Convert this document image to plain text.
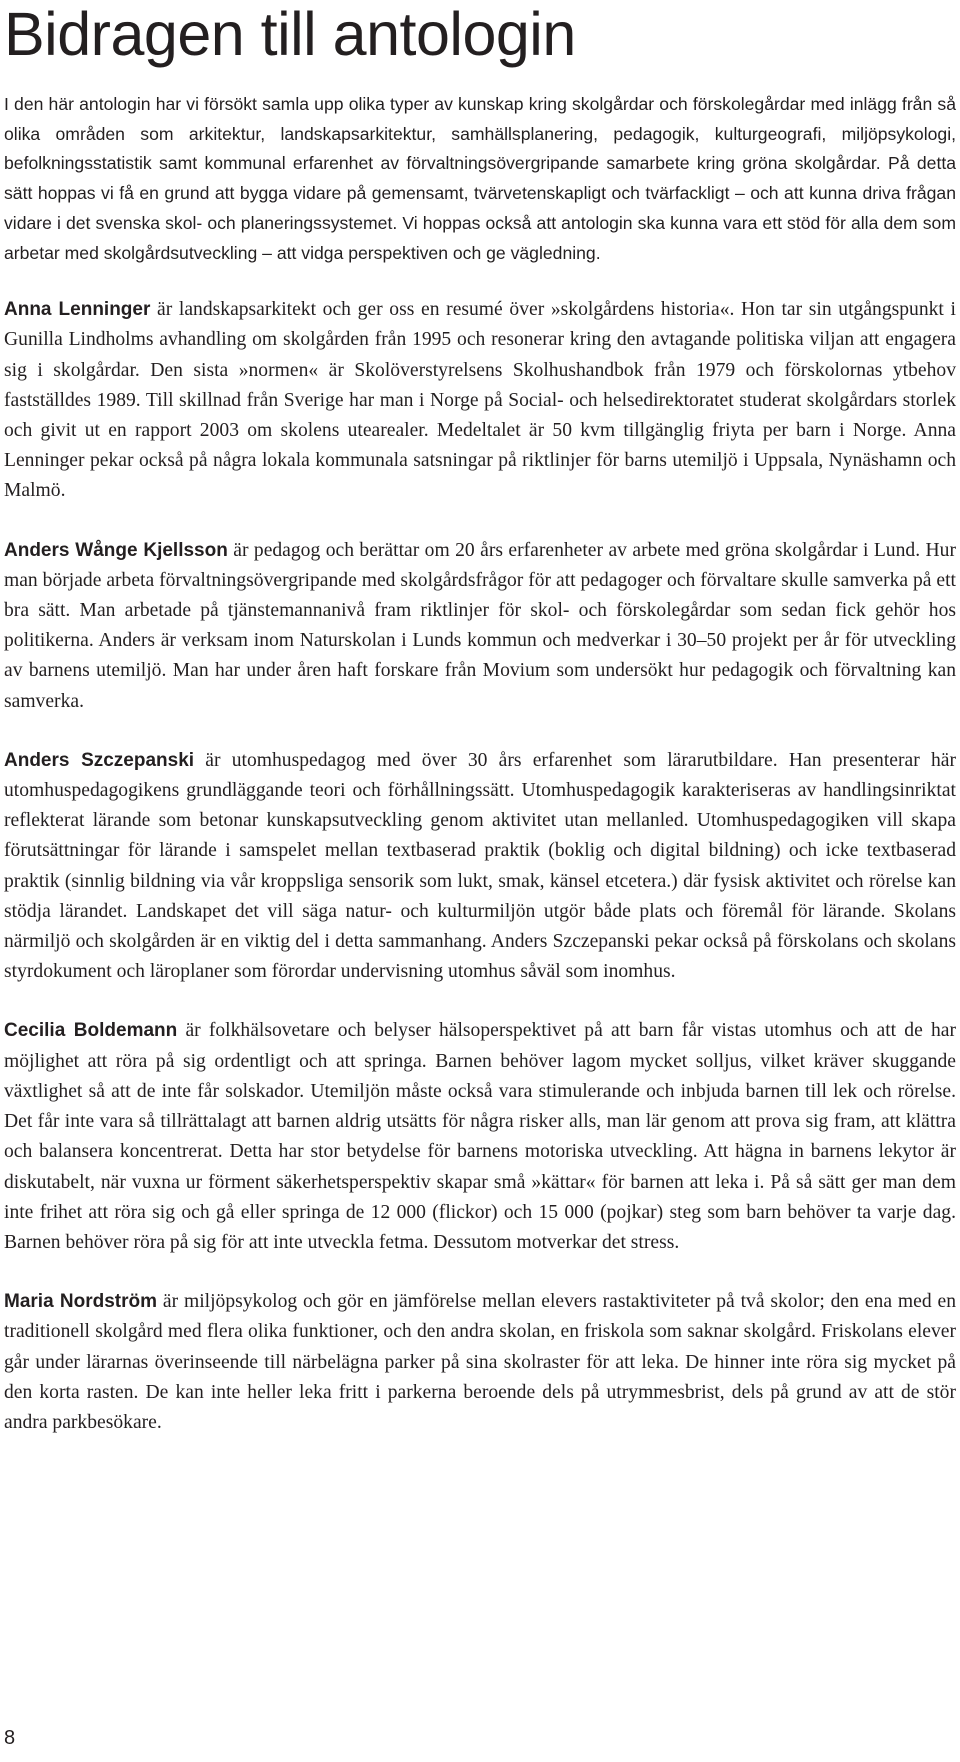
Bidragen till antologin

I den här antologin har vi försökt samla upp olika typer av kunskap kring skolgårdar och förskolegårdar med inlägg från så olika områden som arkitektur, landskapsarkitektur, samhällsplanering, pedagogik, kulturgeografi, miljöpsykologi, befolkningsstatistik samt kommunal erfarenhet av förvaltningsövergripande samarbete kring gröna skolgårdar. På detta sätt hoppas vi få en grund att bygga vidare på gemensamt, tvärvetenskapligt och tvärfackligt – och att kunna driva frågan vidare i det svenska skol- och planeringssystemet. Vi hoppas också att antologin ska kunna vara ett stöd för alla dem som arbetar med skolgårdsutveckling – att vidga perspektiven och ge vägledning.

Anna Lenninger är landskapsarkitekt och ger oss en resumé över »skolgårdens historia«. Hon tar sin utgångspunkt i Gunilla Lindholms avhandling om skolgården från 1995 och resonerar kring den avtagande politiska viljan att engagera sig i skolgårdar. Den sista »normen« är Skolöverstyrelsens Skolhushandbok från 1979 och förskolornas ytbehov fastställdes 1989. Till skillnad från Sverige har man i Norge på Social- och helsedirektoratet studerat skolgårdars storlek och givit ut en rapport 2003 om skolens utearealer. Medeltalet är 50 kvm tillgänglig friyta per barn i Norge. Anna Lenninger pekar också på några lokala kommunala satsningar på riktlinjer för barns utemiljö i Uppsala, Nynäshamn och Malmö.

Anders Wånge Kjellsson är pedagog och berättar om 20 års erfarenheter av arbete med gröna skolgårdar i Lund. Hur man började arbeta förvaltningsövergripande med skolgårdsfrågor för att pedagoger och förvaltare skulle samverka på ett bra sätt. Man arbetade på tjänstemannanivå fram riktlinjer för skol- och förskolegårdar som sedan fick gehör hos politikerna. Anders är verksam inom Naturskolan i Lunds kommun och medverkar i 30–50 projekt per år för utveckling av barnens utemiljö. Man har under åren haft forskare från Movium som undersökt hur pedagogik och förvaltning kan samverka.

Anders Szczepanski är utomhuspedagog med över 30 års erfarenhet som lärarutbildare. Han presenterar här utomhuspedagogikens grundläggande teori och förhållningssätt. Utomhuspedagogik karakteriseras av handlingsinriktat reflekterat lärande som betonar kunskapsutveckling genom aktivitet utan mellanled. Utomhuspedagogiken vill skapa förutsättningar för lärande i samspelet mellan textbaserad praktik (boklig och digital bildning) och icke textbaserad praktik (sinnlig bildning via vår kroppsliga sensorik som lukt, smak, känsel etcetera.) där fysisk aktivitet och rörelse kan stödja lärandet. Landskapet det vill säga natur- och kulturmiljön utgör både plats och föremål för lärande. Skolans närmiljö och skolgården är en viktig del i detta sammanhang. Anders Szczepanski pekar också på förskolans och skolans styrdokument och läroplaner som förordar undervisning utomhus såväl som inomhus.

Cecilia Boldemann är folkhälsovetare och belyser hälsoperspektivet på att barn får vistas utomhus och att de har möjlighet att röra på sig ordentligt och att springa. Barnen behöver lagom mycket solljus, vilket kräver skuggande växtlighet så att de inte får solskador. Utemiljön måste också vara stimulerande och inbjuda barnen till lek och rörelse. Det får inte vara så tillrättalagt att barnen aldrig utsätts för några risker alls, man lär genom att prova sig fram, att klättra och balansera koncentrerat. Detta har stor betydelse för barnens motoriska utveckling. Att hägna in barnens lekytor är diskutabelt, när vuxna ur förment säkerhetsperspektiv skapar små »kättar« för barnen att leka i. På så sätt ger man dem inte frihet att röra sig och gå eller springa de 12 000 (flickor) och 15 000 (pojkar) steg som barn behöver ta varje dag. Barnen behöver röra på sig för att inte utveckla fetma. Dessutom motverkar det stress.

Maria Nordström är miljöpsykolog och gör en jämförelse mellan elevers rastaktiviteter på två skolor; den ena med en traditionell skolgård med flera olika funktioner, och den andra skolan, en friskola som saknar skolgård. Friskolans elever går under lärarnas överinseende till närbelägna parker på sina skolraster för att leka. De hinner inte röra sig mycket på den korta rasten. De kan inte heller leka fritt i parkerna beroende dels på utrymmesbrist, dels på grund av att de stör andra parkbesökare.

8
